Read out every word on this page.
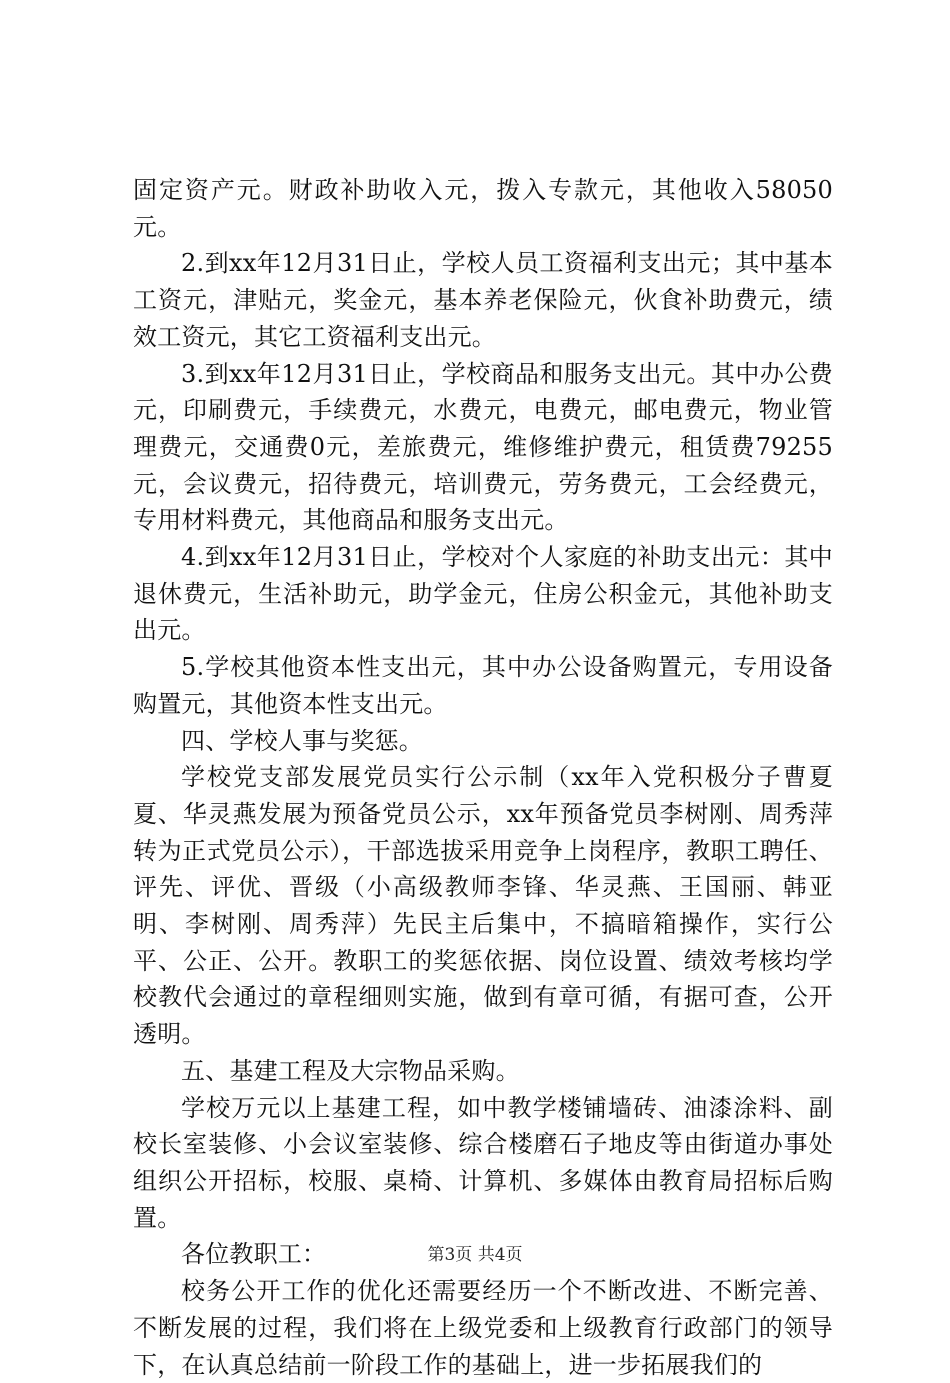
固定资产元。财政补助收入元，拨入专款元，其他收入58050元。

2.到xx年12月31日止，学校人员工资福利支出元；其中基本工资元，津贴元，奖金元，基本养老保险元，伙食补助费元，绩效工资元，其它工资福利支出元。

3.到xx年12月31日止，学校商品和服务支出元。其中办公费元，印刷费元，手续费元，水费元，电费元，邮电费元，物业管理费元，交通费0元，差旅费元，维修维护费元，租赁费79255元，会议费元，招待费元，培训费元，劳务费元，工会经费元，专用材料费元，其他商品和服务支出元。

4.到xx年12月31日止，学校对个人家庭的补助支出元：其中退休费元，生活补助元，助学金元，住房公积金元，其他补助支出元。

5.学校其他资本性支出元，其中办公设备购置元，专用设备购置元，其他资本性支出元。

四、学校人事与奖惩。

学校党支部发展党员实行公示制（xx年入党积极分子曹夏夏、华灵燕发展为预备党员公示，xx年预备党员李树刚、周秀萍转为正式党员公示），干部选拔采用竞争上岗程序，教职工聘任、评先、评优、晋级（小高级教师李锋、华灵燕、王国丽、韩亚明、李树刚、周秀萍）先民主后集中，不搞暗箱操作，实行公平、公正、公开。教职工的奖惩依据、岗位设置、绩效考核均学校教代会通过的章程细则实施，做到有章可循，有据可查，公开透明。

五、基建工程及大宗物品采购。

学校万元以上基建工程，如中教学楼铺墙砖、油漆涂料、副校长室装修、小会议室装修、综合楼磨石子地皮等由街道办事处组织公开招标，校服、桌椅、计算机、多媒体由教育局招标后购置。

各位教职工：

校务公开工作的优化还需要经历一个不断改进、不断完善、不断发展的过程，我们将在上级党委和上级教育行政部门的领导下，在认真总结前一阶段工作的基础上，进一步拓展我们的

第3页 共4页
